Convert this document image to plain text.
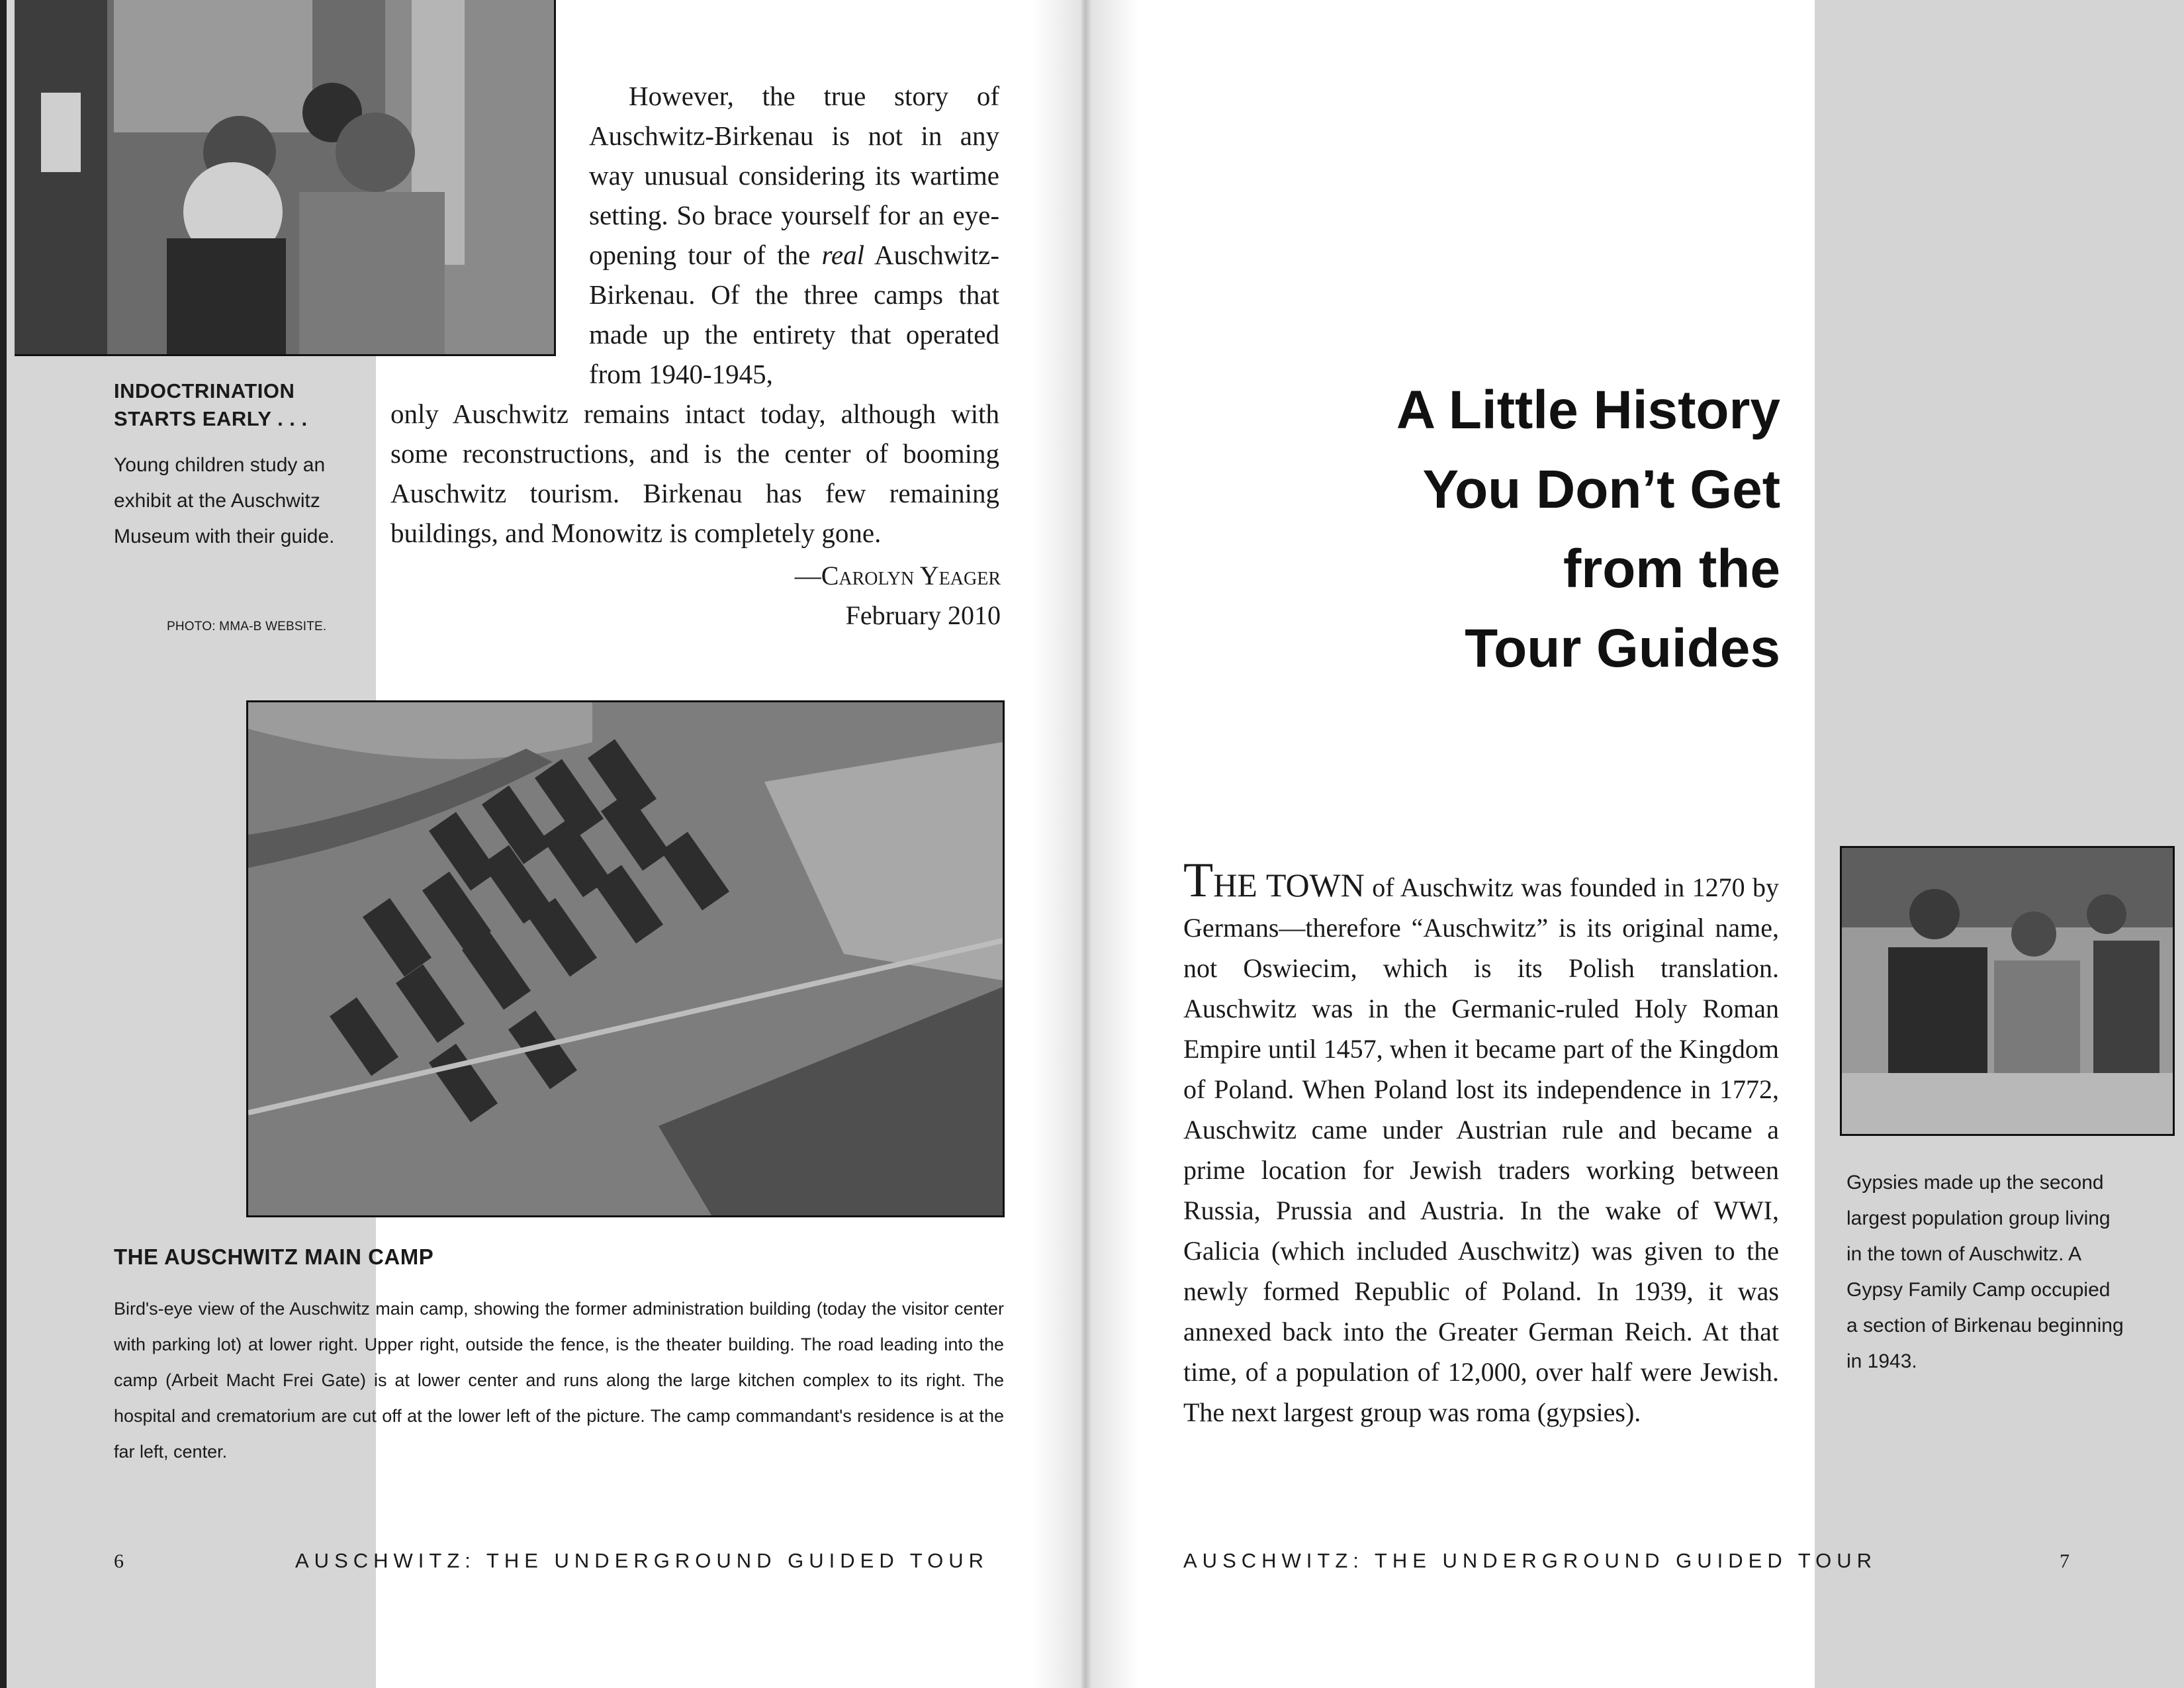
However, the true story of Auschwitz-Birkenau is not in any way unusual considering its wartime setting. So brace yourself for an eye-opening tour of the real Auschwitz- Birkenau. Of the three camps that made up the entirety that operated from 1940-1945,

only Auschwitz remains intact today, although with some reconstructions, and is the center of booming Auschwitz tourism. Birkenau has few remaining buildings, and Monowitz is completely gone.

—Carolyn Yeager
February 2010
INDOCTRINATION
STARTS EARLY . . .
Young children study an exhibit at the Auschwitz Museum with their guide.
PHOTO: MMA-B WEBSITE.
THE AUSCHWITZ MAIN CAMP
Bird's-eye view of the Auschwitz main camp, showing the former administration building (today the visitor center with parking lot) at lower right. Upper right, outside the fence, is the theater building. The road leading into the camp (Arbeit Macht Frei Gate) is at lower center and runs along the large kitchen complex to its right. The hospital and crematorium are cut off at the lower left of the picture. The camp commandant's residence is at the far left, center.
6	AUSCHWITZ: THE UNDERGROUND GUIDED TOUR
A Little History
You Don’t Get
from the
Tour Guides
THE TOWN of Auschwitz was founded in 1270 by Germans—therefore “Auschwitz” is its original name, not Oswiecim, which is its Polish translation. Auschwitz was in the Germanic-ruled Holy Roman Empire until 1457, when it became part of the Kingdom of Poland. When Poland lost its independence in 1772, Auschwitz came under Austrian rule and became a prime location for Jewish traders working between Russia, Prussia and Austria. In the wake of WWI, Galicia (which included Auschwitz) was given to the newly formed Republic of Poland. In 1939, it was annexed back into the Greater German Reich. At that time, of a population of 12,000, over half were Jewish. The next largest group was roma (gypsies).
Gypsies made up the second largest population group living in the town of Auschwitz. A Gypsy Family Camp occupied a section of Birkenau beginning in 1943.
AUSCHWITZ: THE UNDERGROUND GUIDED TOUR	7
